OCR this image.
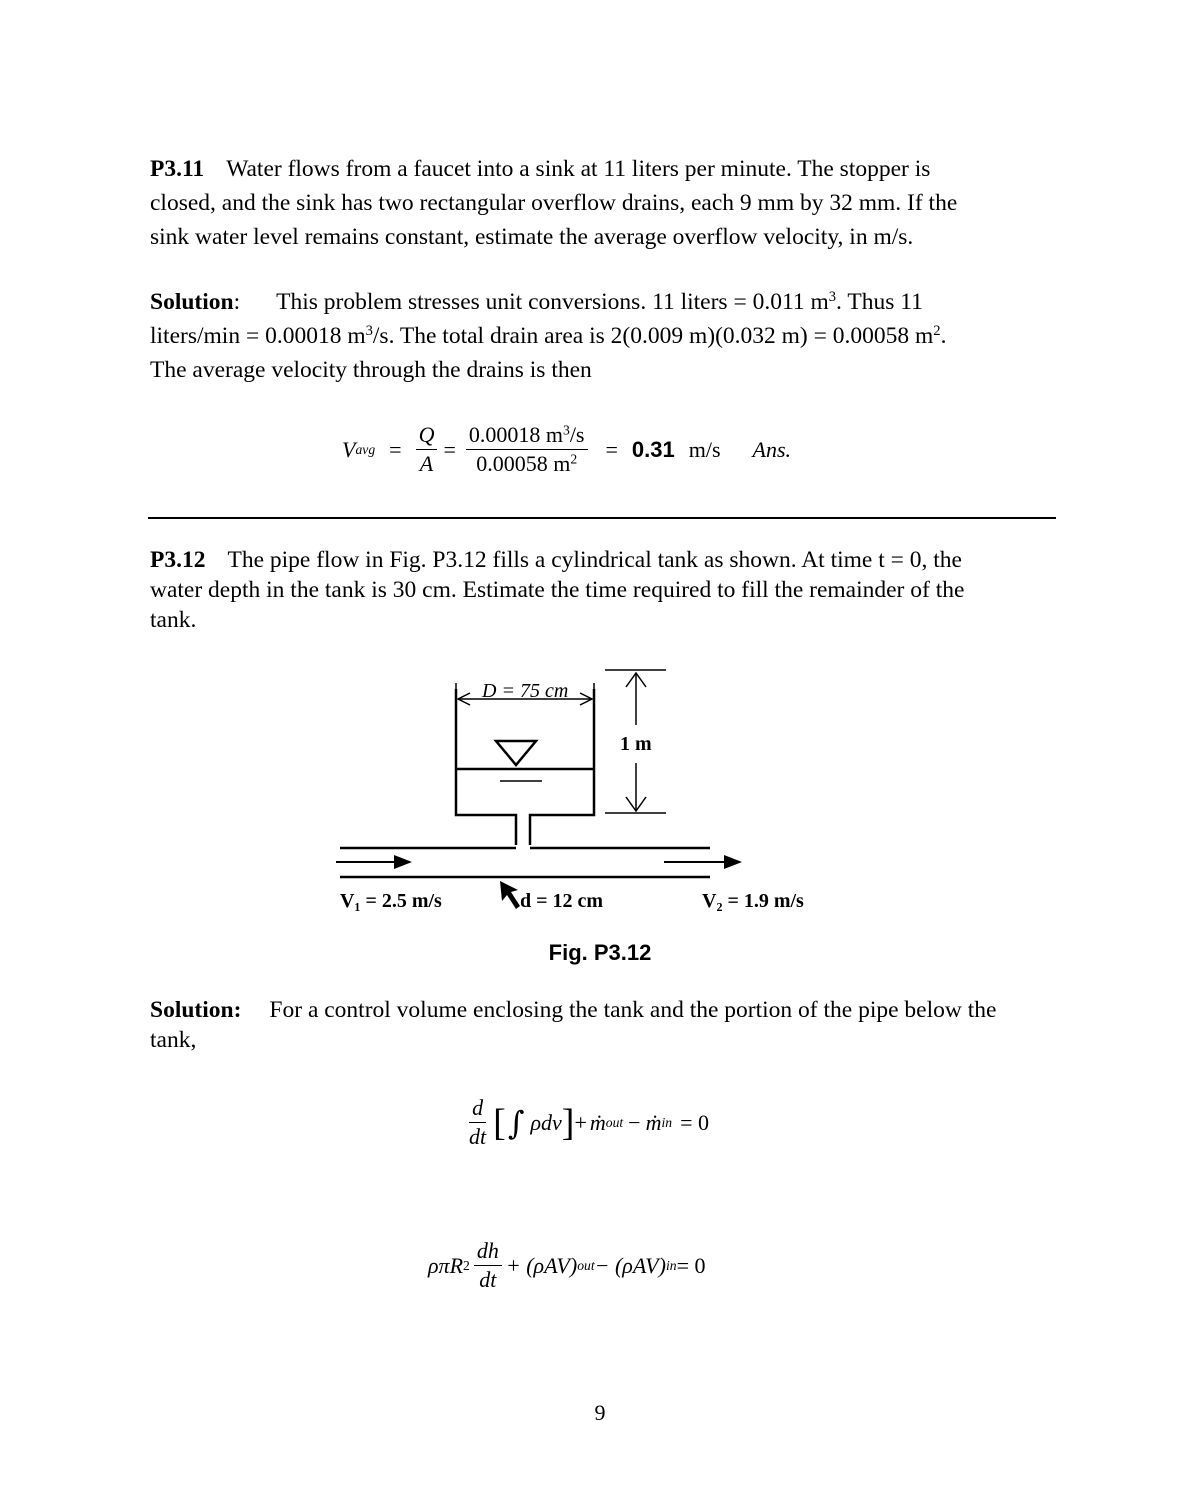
P3.11 Water flows from a faucet into a sink at 11 liters per minute. The stopper is
closed, and the sink has two rectangular overflow drains, each 9 mm by 32 mm. If the
sink water level remains constant, estimate the average overflow velocity, in m/s.
Solution: This problem stresses unit conversions. 11 liters = 0.011 $m^3$. Thus 11
liters/min = 0.00018 $m^3/s$. The total drain area is 2(0.009 m)(0.032 m) = 0.00058 $m^2$.
The average velocity through the drains is then
V avg = $\frac{Q}{A} = \frac{0.00018 m^3/s}{0.00058 m^2} = 0.31$ m/s Ans.
P3.12 The pipe flow in Fig. P3.12 fills a cylindrical tank as shown. At time t = 0, the
water depth in the tank is 30 cm. Estimate the time required to fill the remainder of the
tank.
D = 75 cm
1 m
V₁ = 2.5 m/s	d = 12 cm	V₂ = 1.9 m/s
Fig. P3.12
Solution: For a control volume enclosing the tank and the portion of the pipe below the
tank,
$\frac{d}{dt}$ [ ∫ ρdv ] + ṁ out − ṁ in = 0
ρπR $2 \frac{dh}{dt} + (\rho AV)$ out − (ρAV) in = 0
9
